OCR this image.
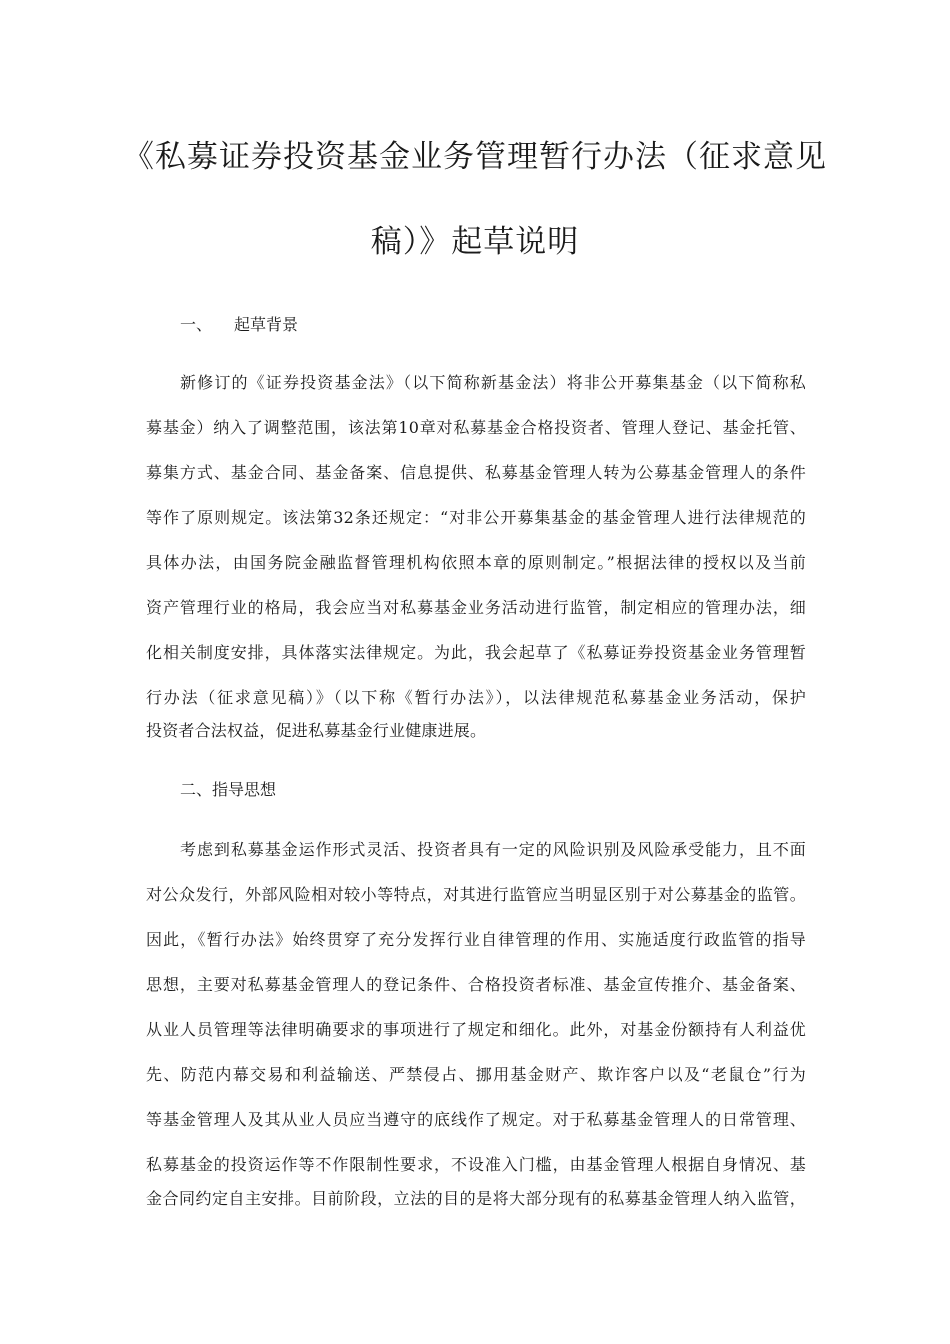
《私募证券投资基金业务管理暂行办法（征求意见
稿）》起草说明
一、 起草背景
新修订的《证券投资基金法》（以下简称新基金法）将非公开募集基金（以下简称私
募基金）纳入了调整范围，该法第10章对私募基金合格投资者、管理人登记、基金托管、
募集方式、基金合同、基金备案、信息提供、私募基金管理人转为公募基金管理人的条件
等作了原则规定。该法第32条还规定：“对非公开募集基金的基金管理人进行法律规范的
具体办法，由国务院金融监督管理机构依照本章的原则制定。”根据法律的授权以及当前
资产管理行业的格局，我会应当对私募基金业务活动进行监管，制定相应的管理办法，细
化相关制度安排，具体落实法律规定。为此，我会起草了《私募证券投资基金业务管理暂
行办法（征求意见稿）》（以下称《暂行办法》），以法律规范私募基金业务活动，保护
投资者合法权益，促进私募基金行业健康进展。
二、指导思想
考虑到私募基金运作形式灵活、投资者具有一定的风险识别及风险承受能力，且不面
对公众发行，外部风险相对较小等特点，对其进行监管应当明显区别于对公募基金的监管。
因此，《暂行办法》始终贯穿了充分发挥行业自律管理的作用、实施适度行政监管的指导
思想，主要对私募基金管理人的登记条件、合格投资者标准、基金宣传推介、基金备案、
从业人员管理等法律明确要求的事项进行了规定和细化。此外，对基金份额持有人利益优
先、防范内幕交易和利益输送、严禁侵占、挪用基金财产、欺诈客户以及“老鼠仓”行为
等基金管理人及其从业人员应当遵守的底线作了规定。对于私募基金管理人的日常管理、
私募基金的投资运作等不作限制性要求，不设准入门槛，由基金管理人根据自身情况、基
金合同约定自主安排。目前阶段，立法的目的是将大部分现有的私募基金管理人纳入监管，
